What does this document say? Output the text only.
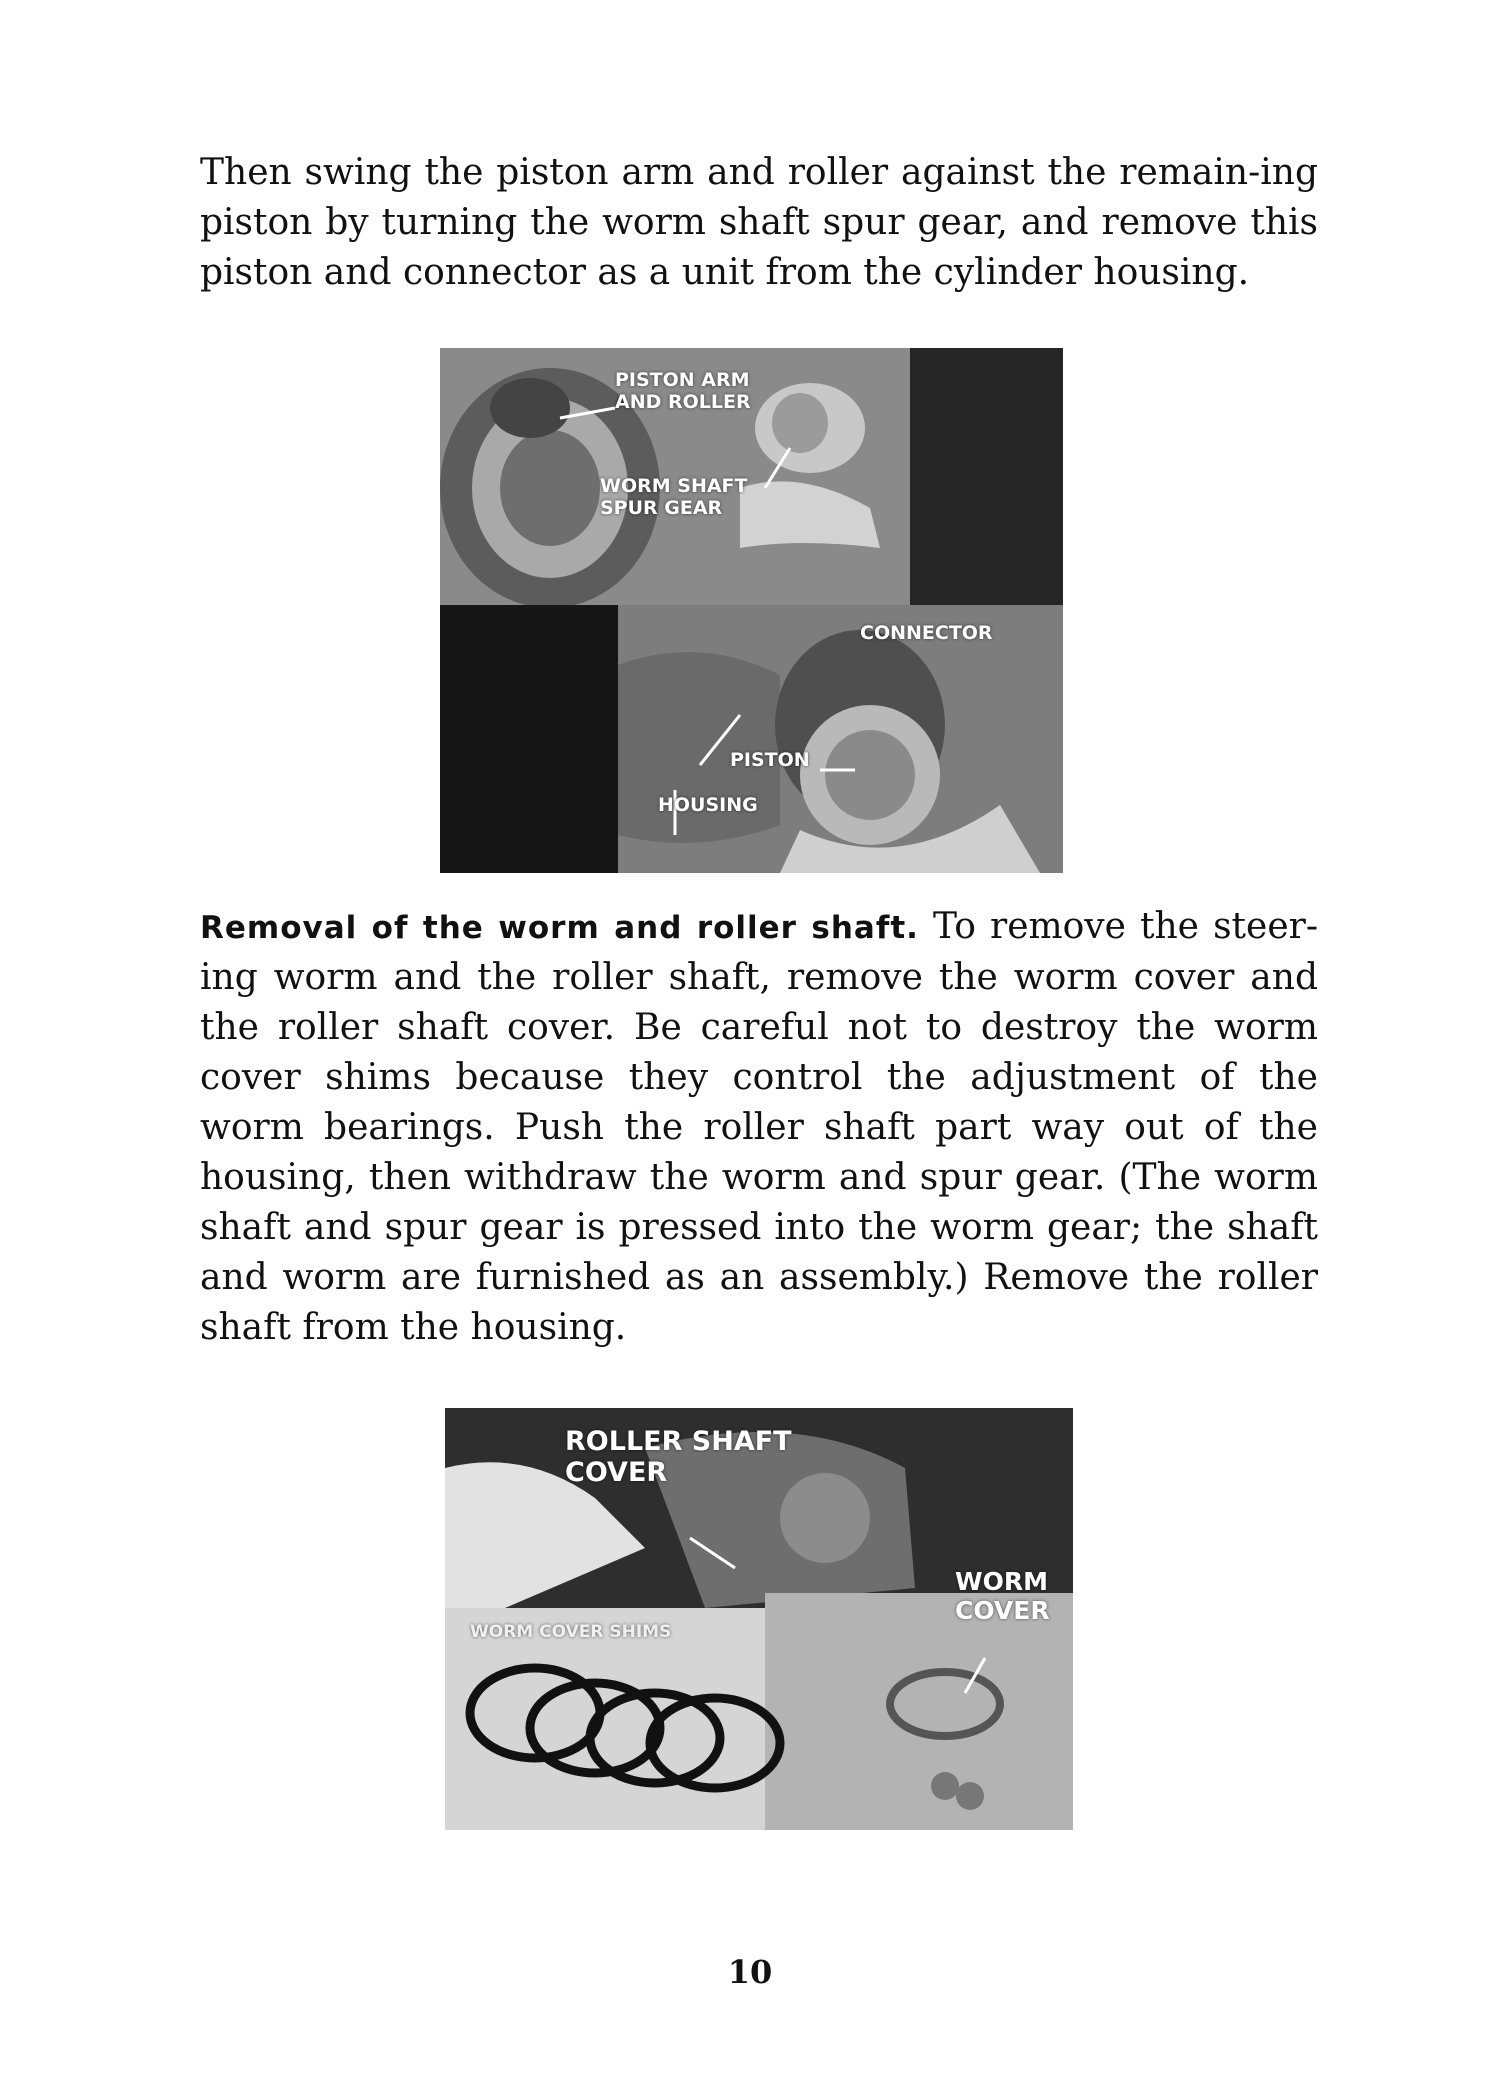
Then swing the piston arm and roller against the remain-ing piston by turning the worm shaft spur gear, and remove this piston and connector as a unit from the cylinder housing.

PISTON ARM
AND ROLLER
WORM SHAFT
SPUR GEAR
CONNECTOR
PISTON
HOUSING

Removal of the worm and roller shaft. To remove the steer-ing worm and the roller shaft, remove the worm cover and the roller shaft cover. Be careful not to destroy the worm cover shims because they control the adjustment of the worm bearings. Push the roller shaft part way out of the housing, then withdraw the worm and spur gear. (The worm shaft and spur gear is pressed into the worm gear; the shaft and worm are furnished as an assembly.) Remove the roller shaft from the housing.

ROLLER SHAFT
COVER
WORM
COVER
WORM COVER SHIMS
10
